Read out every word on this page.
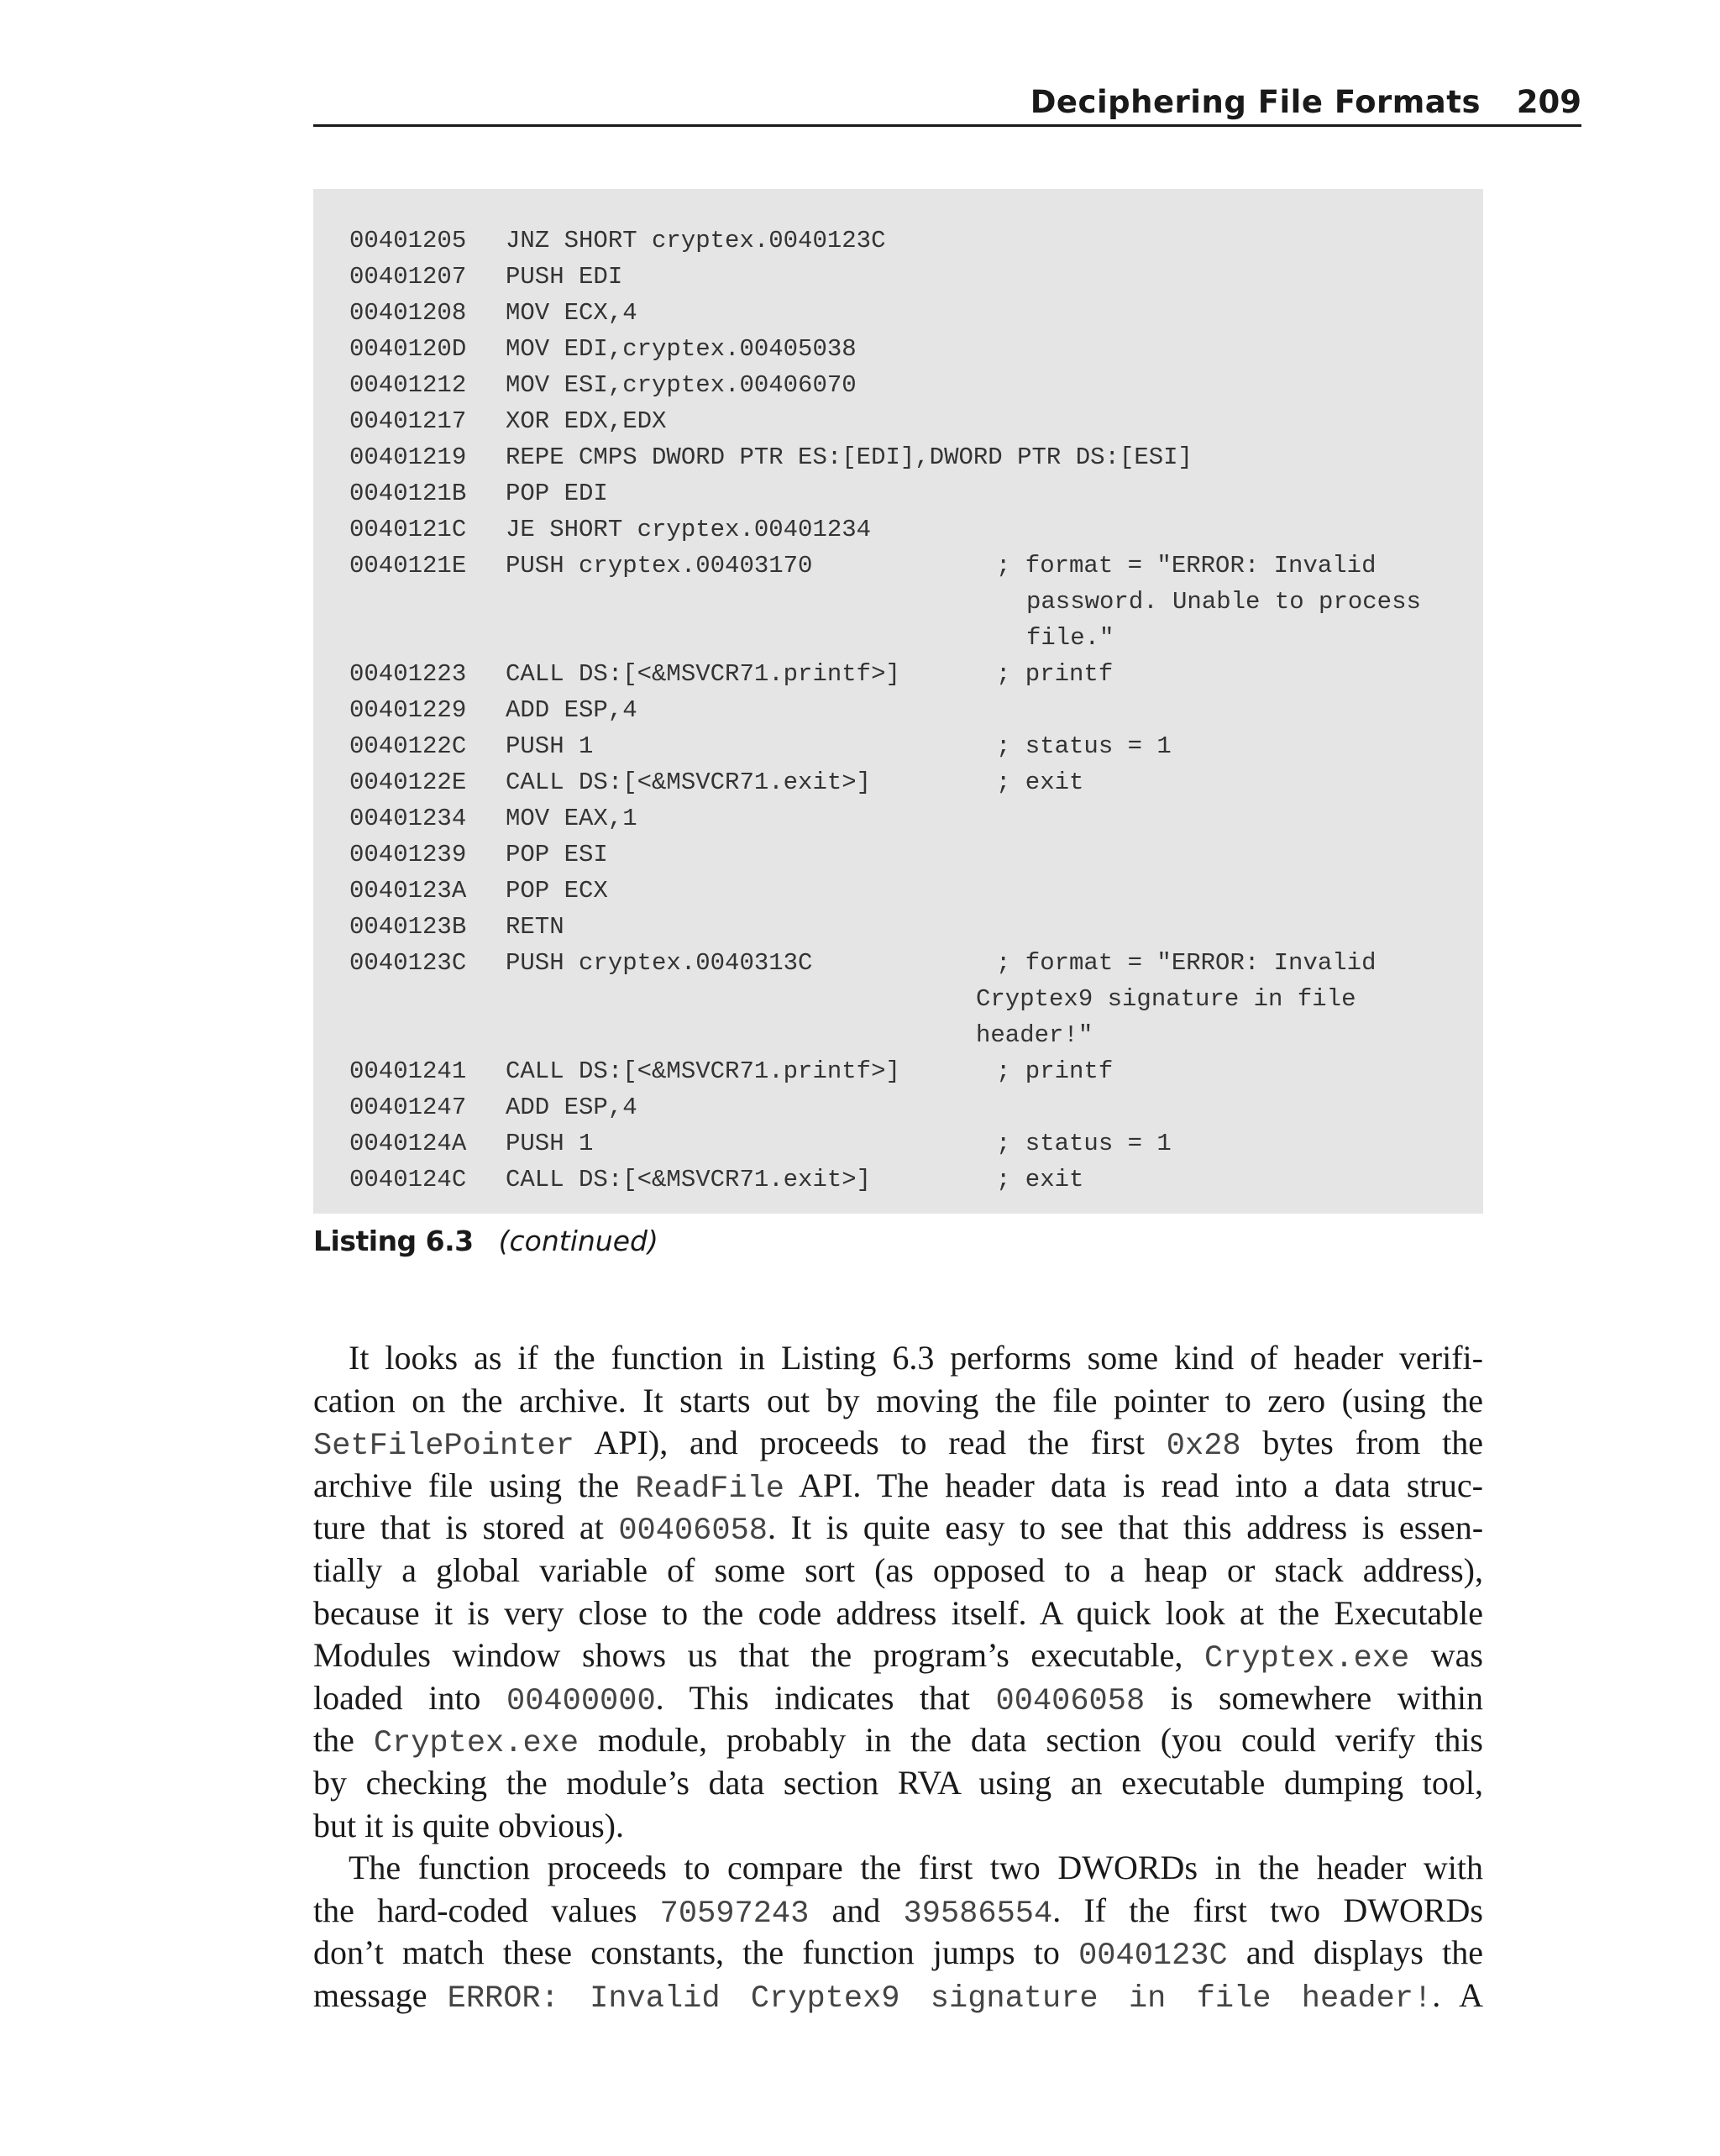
Deciphering File Formats 209
00401205 JNZ SHORT cryptex.0040123C
00401207 PUSH EDI
00401208 MOV ECX,4
0040120D MOV EDI,cryptex.00405038
00401212 MOV ESI,cryptex.00406070
00401217 XOR EDX,EDX
00401219 REPE CMPS DWORD PTR ES:[EDI],DWORD PTR DS:[ESI]
0040121B POP EDI
0040121C JE SHORT cryptex.00401234
0040121E PUSH cryptex.00403170	; format = "ERROR: Invalid
password. Unable to process
file."
00401223 CALL DS:[<&MSVCR71.printf>]	; printf
00401229 ADD ESP,4
0040122C PUSH 1	; status = 1
0040122E CALL DS:[<&MSVCR71.exit>]	; exit
00401234 MOV EAX,1
00401239 POP ESI
0040123A POP ECX
0040123B RETN
0040123C PUSH cryptex.0040313C	; format = "ERROR: Invalid
Cryptex9 signature in file
header!"
00401241 CALL DS:[<&MSVCR71.printf>]	; printf
00401247 ADD ESP,4
0040124A PUSH 1	; status = 1
0040124C CALL DS:[<&MSVCR71.exit>]	; exit
Listing 6.3 (continued)
It looks as if the function in Listing 6.3 performs some kind of header verifi-
cation on the archive. It starts out by moving the file pointer to zero (using the
SetFilePointer API), and proceeds to read the first 0x28 bytes from the
archive file using the ReadFile API. The header data is read into a data struc-
ture that is stored at 00406058. It is quite easy to see that this address is essen-
tially a global variable of some sort (as opposed to a heap or stack address),
because it is very close to the code address itself. A quick look at the Executable
Modules window shows us that the program’s executable, Cryptex.exe was
loaded into 00400000. This indicates that 00406058 is somewhere within
the Cryptex.exe module, probably in the data section (you could verify this
by checking the module’s data section RVA using an executable dumping tool,
but it is quite obvious).
The function proceeds to compare the first two DWORDs in the header with
the hard-coded values 70597243 and 39586554. If the first two DWORDs
don’t match these constants, the function jumps to 0040123C and displays the
message ERROR: Invalid Cryptex9 signature in file header!. A
